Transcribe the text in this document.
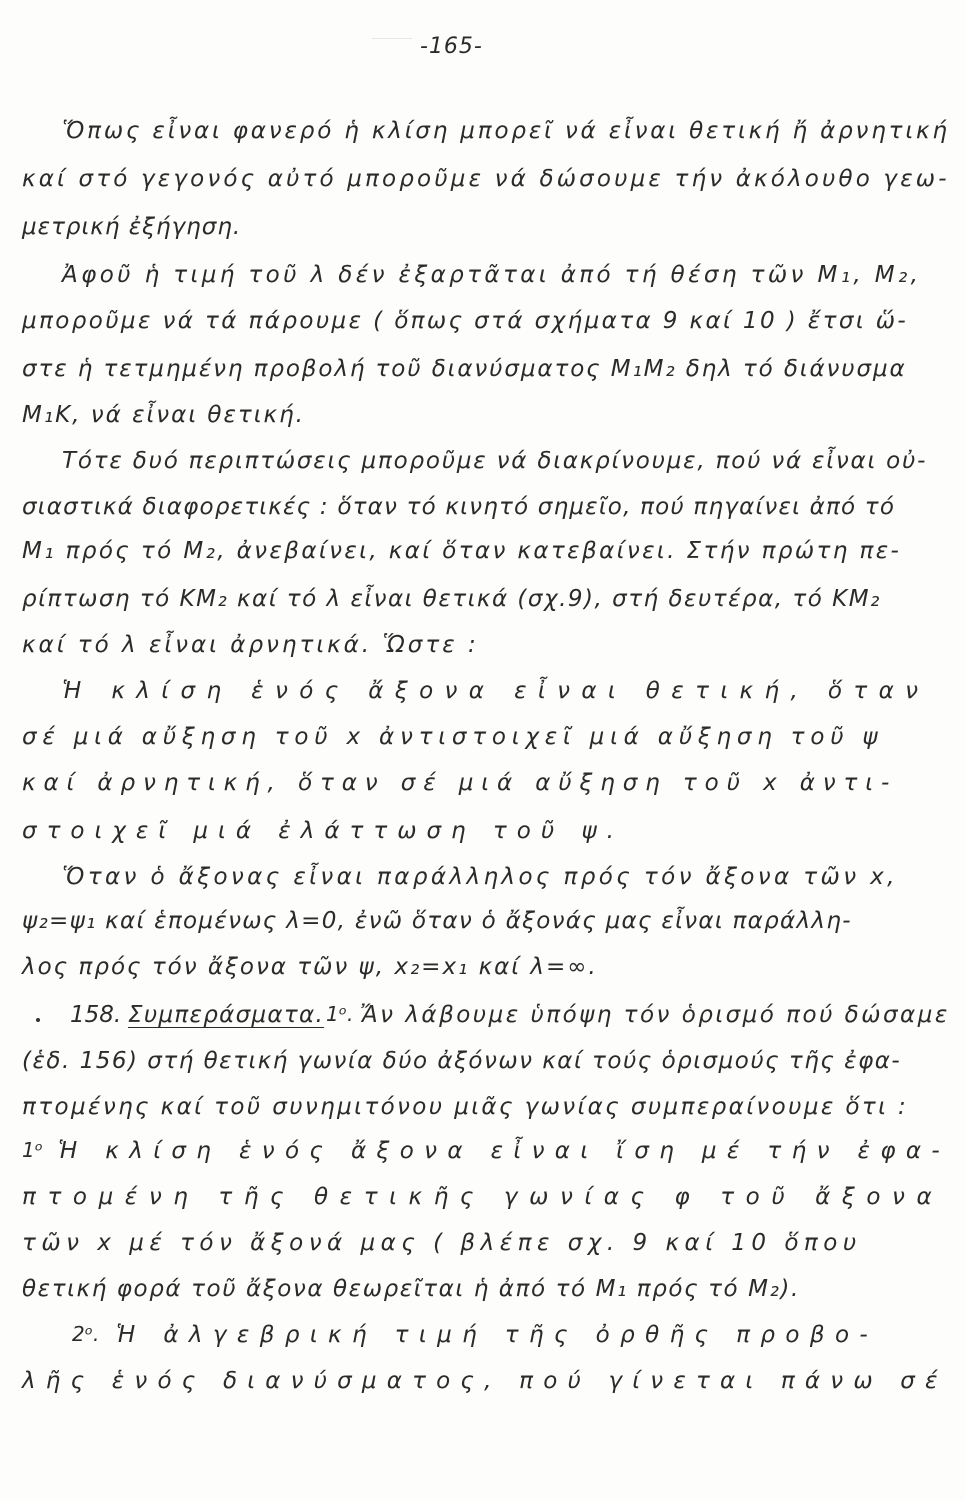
-165-
Ὅπως εἶναι φανερό ἡ κλίση μπορεῖ νά εἶναι θετική ἤ ἀρνητική
καί στό γεγονός αὐτό μποροῦμε νά δώσουμε τήν ἀκόλουθο γεω-
μετρική ἐξήγηση.
Ἀφοῦ ἡ τιμή τοῦ λ δέν ἐξαρτᾶται ἀπό τή θέση τῶν M₁, M₂,
μποροῦμε νά τά πάρουμε ( ὅπως στά σχήματα 9 καί 10 ) ἔτσι ὥ-
στε ἡ τετμημένη προβολή τοῦ διανύσματος M₁M₂ δηλ τό διάνυσμα
M₁K, νά εἶναι θετική.
Τότε δυό περιπτώσεις μποροῦμε νά διακρίνουμε, πού νά εἶναι οὐ-
σιαστικά διαφορετικές : ὅταν τό κινητό σημεῖο, πού πηγαίνει ἀπό τό
M₁ πρός τό M₂, ἀνεβαίνει, καί ὅταν κατεβαίνει. Στήν πρώτη πε-
ρίπτωση τό KM₂ καί τό λ εἶναι θετικά (σχ.9), στή δευτέρα, τό KM₂
καί τό λ εἶναι ἀρνητικά. Ὥστε :
Ἡ κλίση ἑνός ἄξονα εἶναι θετική, ὅταν
σέ μιά αὔξηση τοῦ x ἀντιστοιχεῖ μιά αὔξηση τοῦ ψ
καί ἀρνητική, ὅταν σέ μιά αὔξηση τοῦ x ἀντι-
στοιχεῖ μιά ἐλάττωση τοῦ ψ.
Ὅταν ὁ ἄξονας εἶναι παράλληλος πρός τόν ἄξονα τῶν x,
ψ₂=ψ₁ καί ἑπομένως λ=0, ἐνῶ ὅταν ὁ ἄξονάς μας εἶναι παράλλη-
λος πρός τόν ἄξονα τῶν ψ, x₂=x₁ καί λ=∞.
158. Συμπεράσματα. 1ᵒ. Ἄν λάβουμε ὑπόψη τόν ὁρισμό πού δώσαμε
(ἑδ. 156) στή θετική γωνία δύο ἀξόνων καί τούς ὁρισμούς τῆς ἐφα-
πτομένης καί τοῦ συνημιτόνου μιᾶς γωνίας συμπεραίνουμε ὅτι :
1ᵒ Ἡ κλίση ἑνός ἄξονα εἶναι ἴση μέ τήν ἐφα-
πτομένη τῆς θετικῆς γωνίας φ τοῦ ἄξονα
τῶν x μέ τόν ἄξονά μας ( βλέπε σχ. 9 καί 10 ὅπου
θετική φορά τοῦ ἄξονα θεωρεῖται ἡ ἀπό τό M₁ πρός τό M₂).
2ᵒ. Ἡ ἀλγεβρική τιμή τῆς ὀρθῆς προβο-
λῆς ἑνός διανύσματος, πού γίνεται πάνω σέ
